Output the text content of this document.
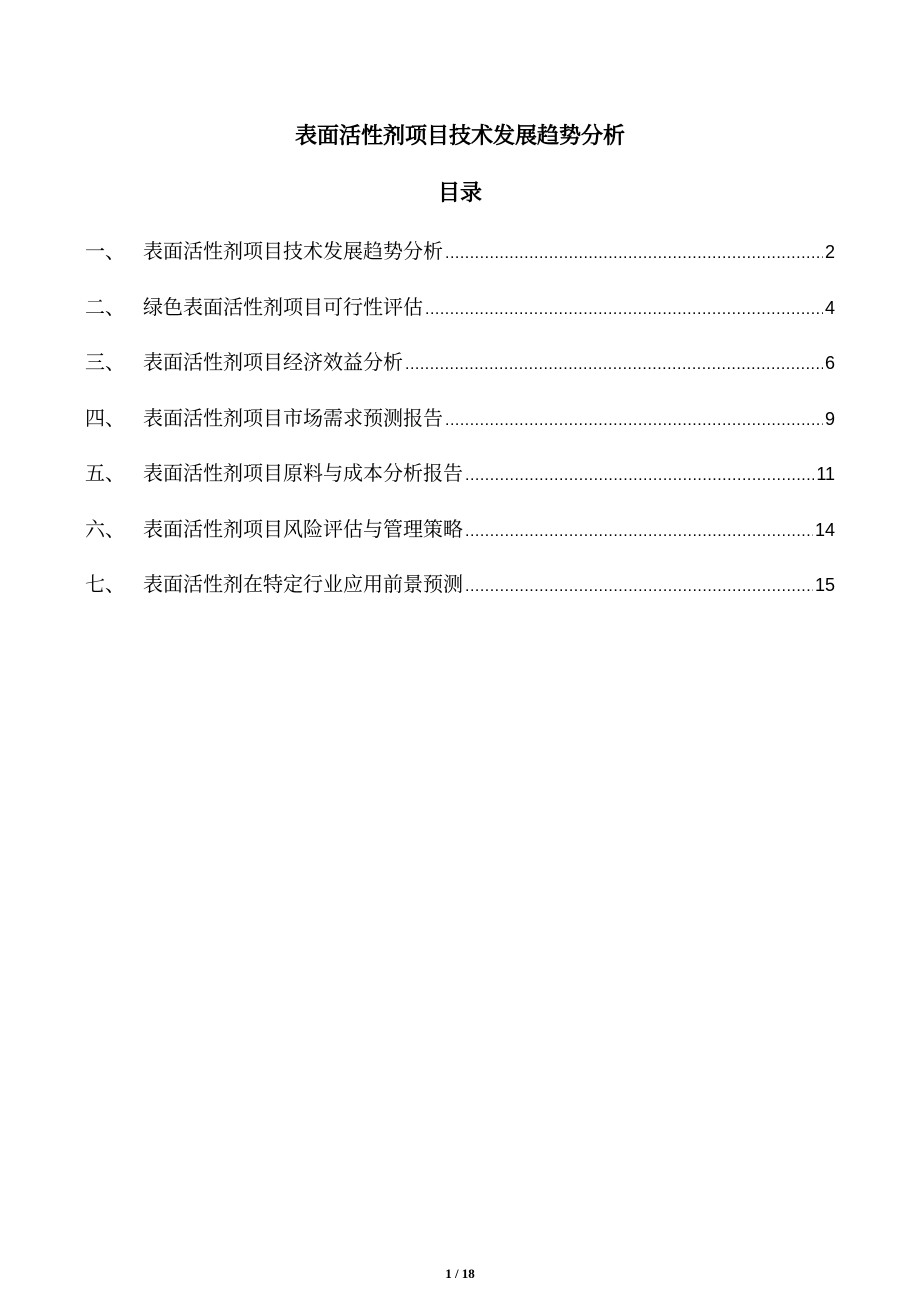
表面活性剂项目技术发展趋势分析
目录
一、 表面活性剂项目技术发展趋势分析 .....	2
二、 绿色表面活性剂项目可行性评估 .....	4
三、 表面活性剂项目经济效益分析 .....	6
四、 表面活性剂项目市场需求预测报告 .....	9
五、 表面活性剂项目原料与成本分析报告 .....	11
六、 表面活性剂项目风险评估与管理策略 .....	14
七、 表面活性剂在特定行业应用前景预测 .....	15
1 / 18
